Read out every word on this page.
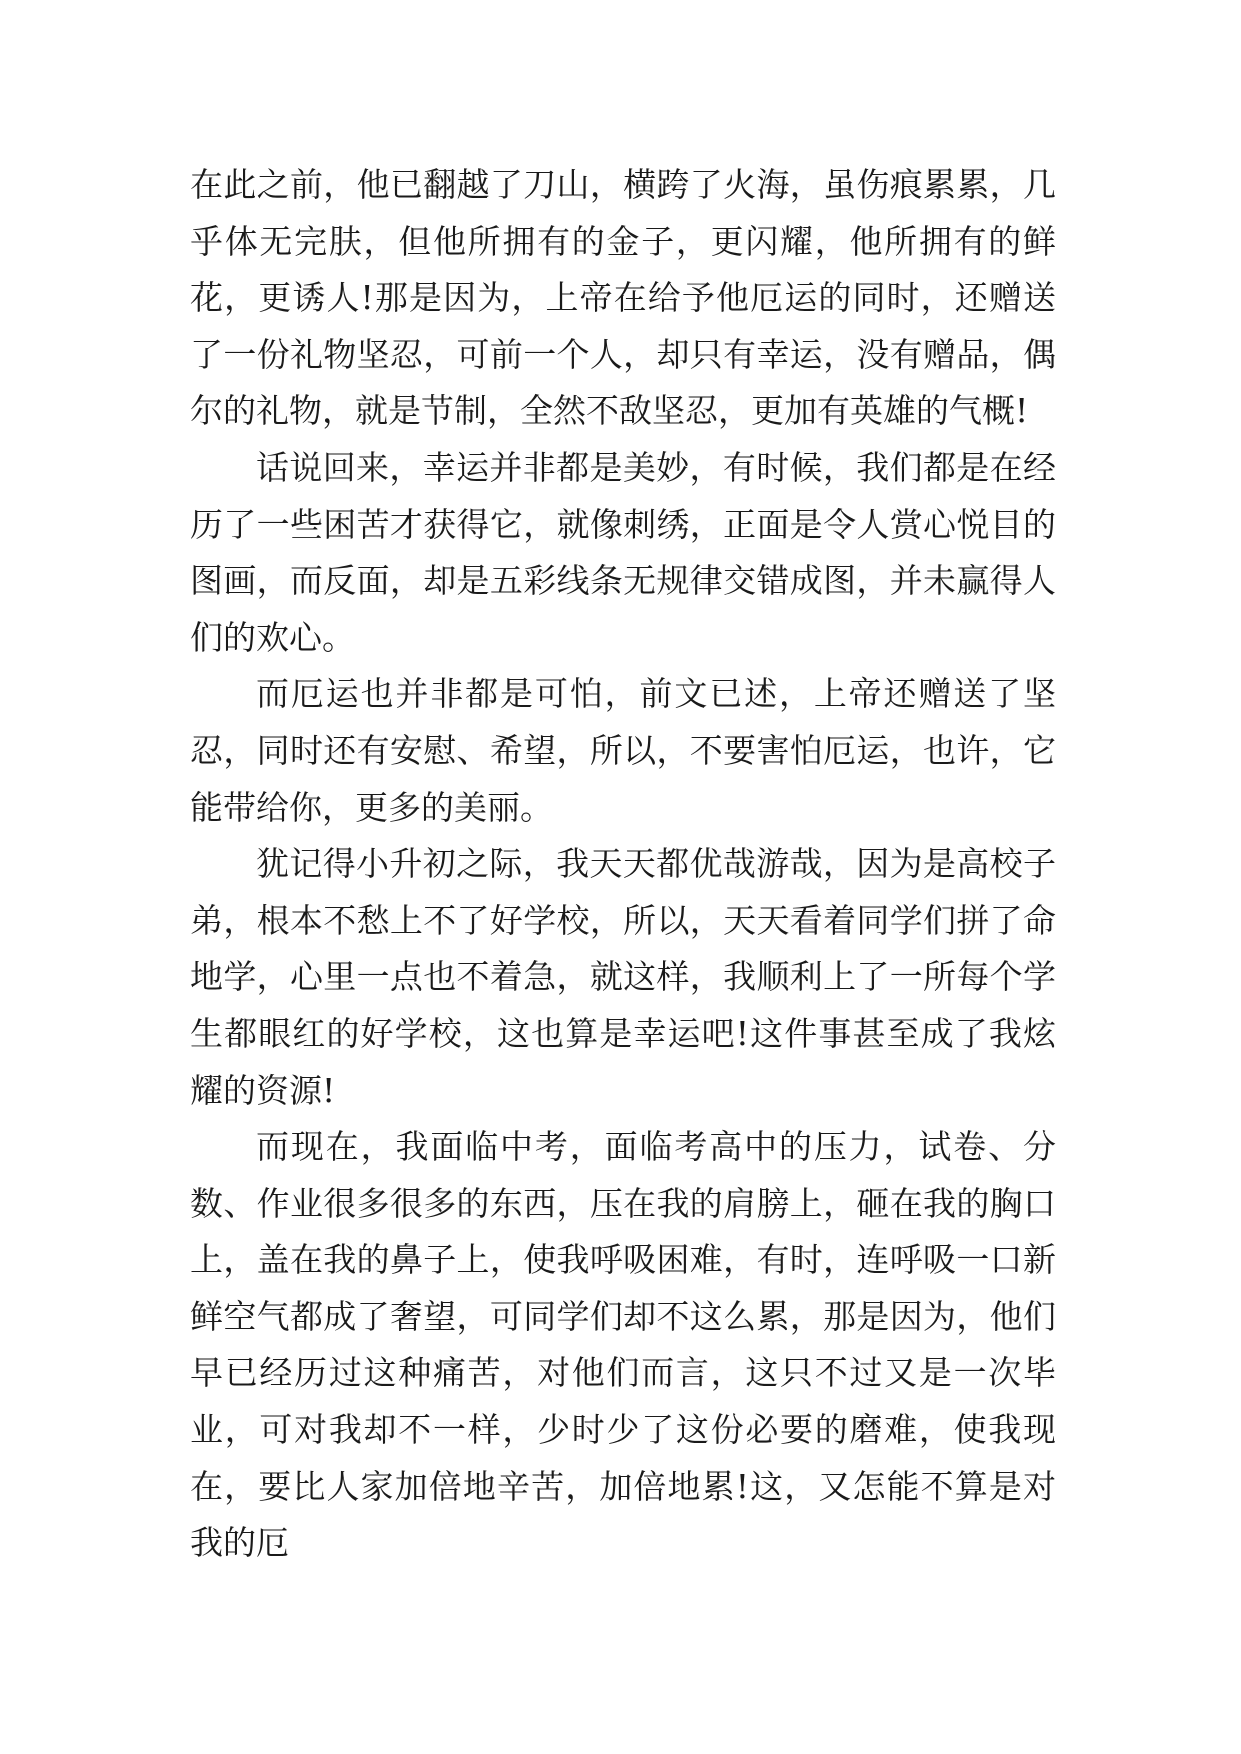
在此之前，他已翻越了刀山，横跨了火海，虽伤痕累累，几乎体无完肤，但他所拥有的金子，更闪耀，他所拥有的鲜花，更诱人!那是因为，上帝在给予他厄运的同时，还赠送了一份礼物坚忍，可前一个人，却只有幸运，没有赠品，偶尔的礼物，就是节制，全然不敌坚忍，更加有英雄的气概!

话说回来，幸运并非都是美妙，有时候，我们都是在经历了一些困苦才获得它，就像刺绣，正面是令人赏心悦目的图画，而反面，却是五彩线条无规律交错成图，并未赢得人们的欢心。

而厄运也并非都是可怕，前文已述，上帝还赠送了坚忍，同时还有安慰、希望，所以，不要害怕厄运，也许，它能带给你，更多的美丽。

犹记得小升初之际，我天天都优哉游哉，因为是高校子弟，根本不愁上不了好学校，所以，天天看着同学们拼了命地学，心里一点也不着急，就这样，我顺利上了一所每个学生都眼红的好学校，这也算是幸运吧!这件事甚至成了我炫耀的资源!

而现在，我面临中考，面临考高中的压力，试卷、分数、作业很多很多的东西，压在我的肩膀上，砸在我的胸口上，盖在我的鼻子上，使我呼吸困难，有时，连呼吸一口新鲜空气都成了奢望，可同学们却不这么累，那是因为，他们早已经历过这种痛苦，对他们而言，这只不过又是一次毕业，可对我却不一样，少时少了这份必要的磨难，使我现在，要比人家加倍地辛苦，加倍地累!这，又怎能不算是对我的厄
